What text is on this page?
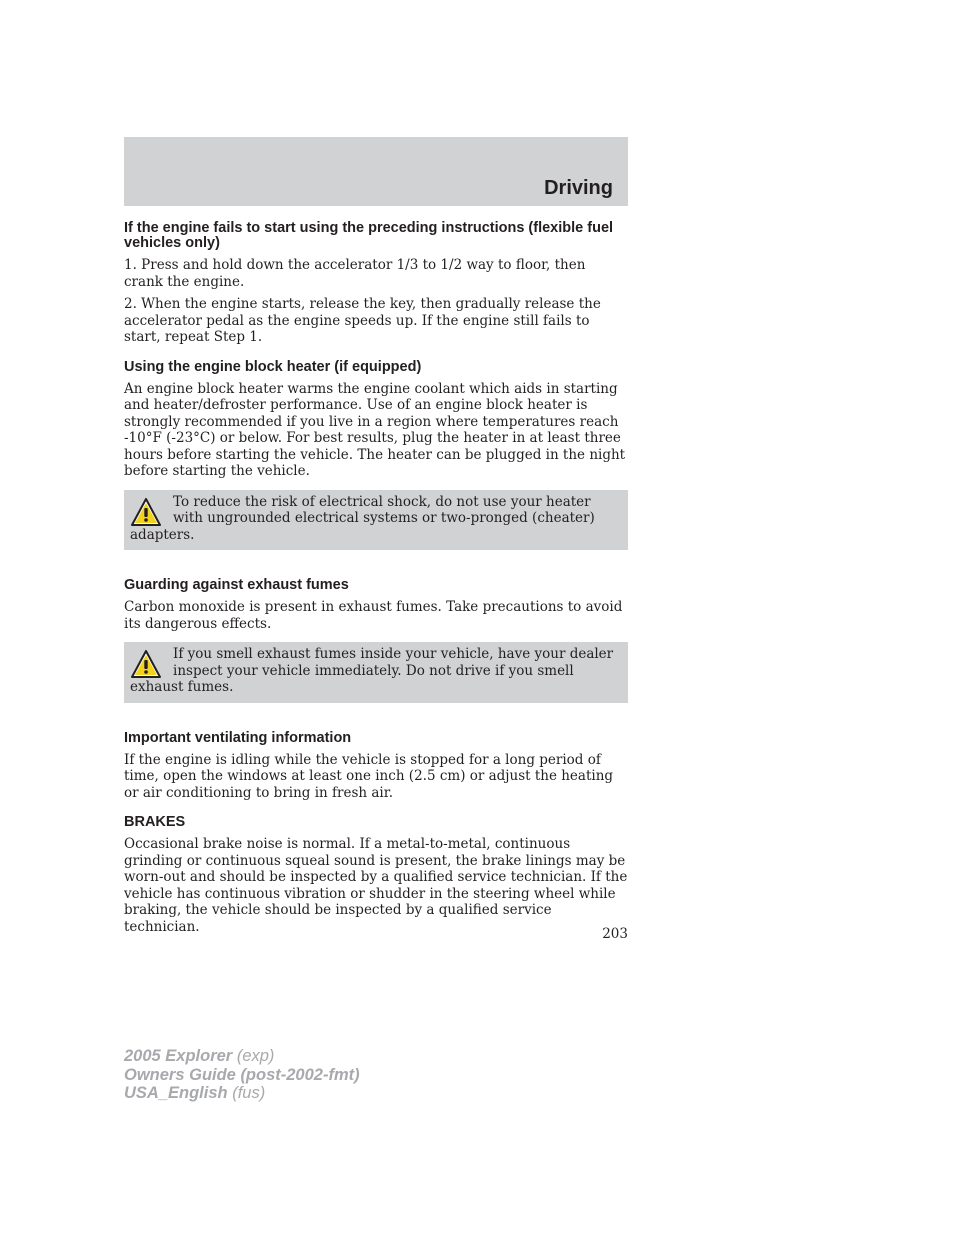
Driving
If the engine fails to start using the preceding instructions (flexible fuel vehicles only)

1. Press and hold down the accelerator 1/3 to 1/2 way to floor, then crank the engine.

2. When the engine starts, release the key, then gradually release the accelerator pedal as the engine speeds up. If the engine still fails to start, repeat Step 1.

Using the engine block heater (if equipped)

An engine block heater warms the engine coolant which aids in starting and heater/defroster performance. Use of an engine block heater is strongly recommended if you live in a region where temperatures reach -10°F (-23°C) or below. For best results, plug the heater in at least three hours before starting the vehicle. The heater can be plugged in the night before starting the vehicle.

To reduce the risk of electrical shock, do not use your heater with ungrounded electrical systems or two-pronged (cheater) adapters.
Guarding against exhaust fumes

Carbon monoxide is present in exhaust fumes. Take precautions to avoid its dangerous effects.

If you smell exhaust fumes inside your vehicle, have your dealer inspect your vehicle immediately. Do not drive if you smell exhaust fumes.
Important ventilating information

If the engine is idling while the vehicle is stopped for a long period of time, open the windows at least one inch (2.5 cm) or adjust the heating or air conditioning to bring in fresh air.

BRAKES

Occasional brake noise is normal. If a metal-to-metal, continuous grinding or continuous squeal sound is present, the brake linings may be worn-out and should be inspected by a qualified service technician. If the vehicle has continuous vibration or shudder in the steering wheel while braking, the vehicle should be inspected by a qualified service technician.	203
2005 Explorer (exp)
Owners Guide (post-2002-fmt)
USA_English (fus)
